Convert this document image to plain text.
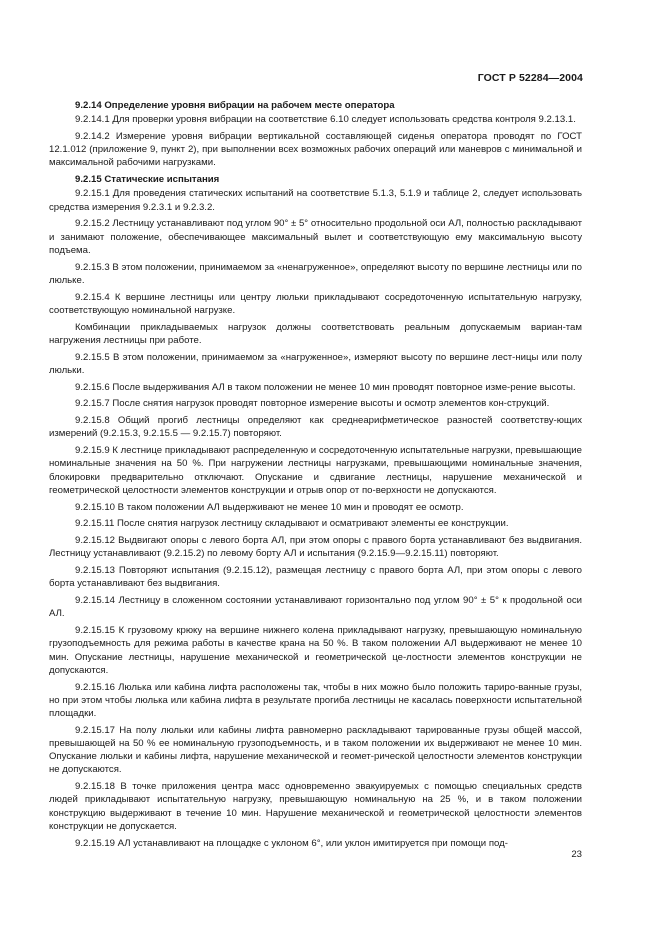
ГОСТ Р 52284—2004

9.2.14 Определение уровня вибрации на рабочем месте оператора

9.2.14.1 Для проверки уровня вибрации на соответствие 6.10 следует использовать средства контроля 9.2.13.1.

9.2.14.2 Измерение уровня вибрации вертикальной составляющей сиденья оператора проводят по ГОСТ 12.1.012 (приложение 9, пункт 2), при выполнении всех возможных рабочих операций или маневров с минимальной и максимальной рабочими нагрузками.

9.2.15 Статические испытания

9.2.15.1 Для проведения статических испытаний на соответствие 5.1.3, 5.1.9 и таблице 2, следует использовать средства измерения 9.2.3.1 и 9.2.3.2.

9.2.15.2 Лестницу устанавливают под углом 90° ± 5° относительно продольной оси АЛ, полностью раскладывают и занимают положение, обеспечивающее максимальный вылет и соответствующую ему максимальную высоту подъема.

9.2.15.3 В этом положении, принимаемом за «ненагруженное», определяют высоту по вершине лестницы или по люльке.

9.2.15.4 К вершине лестницы или центру люльки прикладывают сосредоточенную испытательную нагрузку, соответствующую номинальной нагрузке.

Комбинации прикладываемых нагрузок должны соответствовать реальным допускаемым вариан-там нагружения лестницы при работе.

9.2.15.5 В этом положении, принимаемом за «нагруженное», измеряют высоту по вершине лест-ницы или полу люльки.

9.2.15.6 После выдерживания АЛ в таком положении не менее 10 мин проводят повторное изме-рение высоты.

9.2.15.7 После снятия нагрузок проводят повторное измерение высоты и осмотр элементов кон-струкций.

9.2.15.8 Общий прогиб лестницы определяют как среднеарифметическое разностей соответству-ющих измерений (9.2.15.3, 9.2.15.5 — 9.2.15.7) повторяют.

9.2.15.9 К лестнице прикладывают распределенную и сосредоточенную испытательные нагрузки, превышающие номинальные значения на 50 %. При нагружении лестницы нагрузками, превышающими номинальные значения, блокировки предварительно отключают. Опускание и сдвигание лестницы, нарушение механической и геометрической целостности элементов конструкции и отрыв опор от по-верхности не допускаются.

9.2.15.10 В таком положении АЛ выдерживают не менее 10 мин и проводят ее осмотр.

9.2.15.11 После снятия нагрузок лестницу складывают и осматривают элементы ее конструкции.

9.2.15.12 Выдвигают опоры с левого борта АЛ, при этом опоры с правого борта устанавливают без выдвигания. Лестницу устанавливают (9.2.15.2) по левому борту АЛ и испытания (9.2.15.9—9.2.15.11) повторяют.

9.2.15.13 Повторяют испытания (9.2.15.12), размещая лестницу с правого борта АЛ, при этом опоры с левого борта устанавливают без выдвигания.

9.2.15.14 Лестницу в сложенном состоянии устанавливают горизонтально под углом 90° ± 5° к продольной оси АЛ.

9.2.15.15 К грузовому крюку на вершине нижнего колена прикладывают нагрузку, превышающую номинальную грузоподъемность для режима работы в качестве крана на 50 %. В таком положении АЛ выдерживают не менее 10 мин. Опускание лестницы, нарушение механической и геометрической це-лостности элементов конструкции не допускаются.

9.2.15.16 Люлька или кабина лифта расположены так, чтобы в них можно было положить тариро-ванные грузы, но при этом чтобы люлька или кабина лифта в результате прогиба лестницы не касалась поверхности испытательной площадки.

9.2.15.17 На полу люльки или кабины лифта равномерно раскладывают тарированные грузы общей массой, превышающей на 50 % ее номинальную грузоподъемность, и в таком положении их выдерживают не менее 10 мин. Опускание люльки и кабины лифта, нарушение механической и геомет-рической целостности элементов конструкции не допускаются.

9.2.15.18 В точке приложения центра масс одновременно эвакуируемых с помощью специальных средств людей прикладывают испытательную нагрузку, превышающую номинальную на 25 %, и в таком положении конструкцию выдерживают в течение 10 мин. Нарушение механической и геометрической целостности элементов конструкции не допускается.

9.2.15.19 АЛ устанавливают на площадке с уклоном 6°, или уклон имитируется при помощи под-

23
